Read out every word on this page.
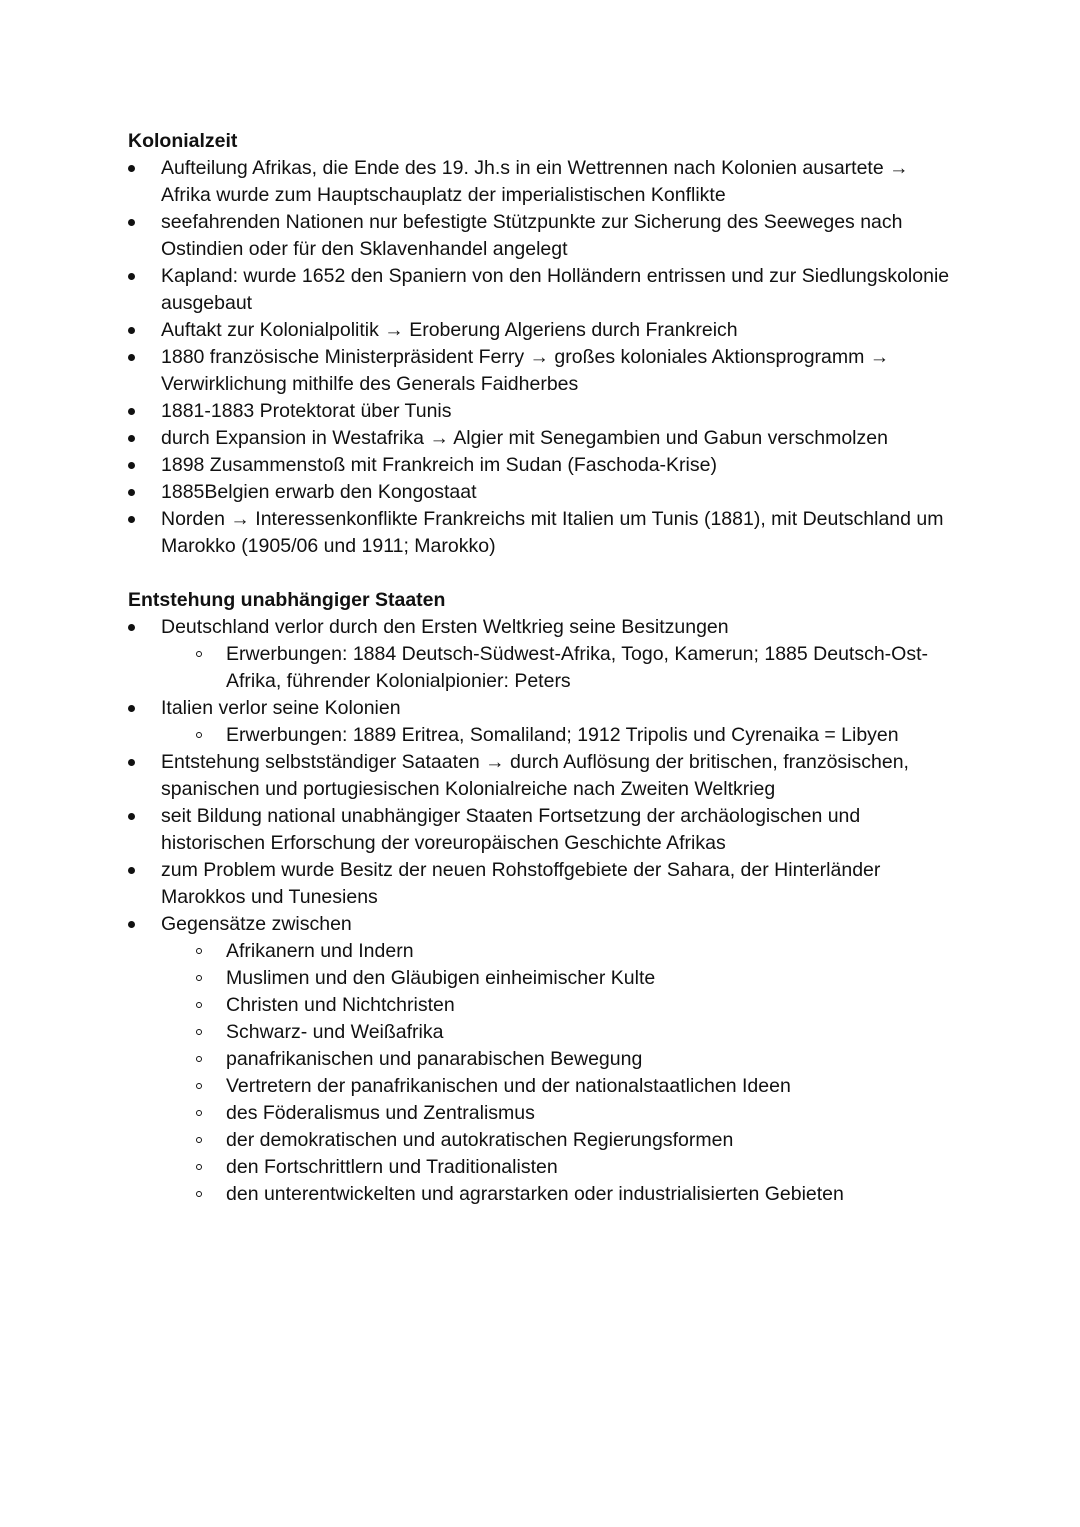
Kolonialzeit
Aufteilung Afrikas, die Ende des 19. Jh.s in ein Wettrennen nach Kolonien ausartete → Afrika wurde zum Hauptschauplatz der imperialistischen Konflikte
seefahrenden Nationen nur befestigte Stützpunkte zur Sicherung des Seeweges nach Ostindien oder für den Sklavenhandel angelegt
Kapland: wurde 1652 den Spaniern von den Holländern entrissen und zur Siedlungskolonie ausgebaut
Auftakt zur Kolonialpolitik → Eroberung Algeriens durch Frankreich
1880 französische Ministerpräsident Ferry → großes koloniales Aktionsprogramm → Verwirklichung mithilfe des Generals Faidherbes
1881-1883 Protektorat über Tunis
durch Expansion in Westafrika → Algier mit Senegambien und Gabun verschmolzen
1898 Zusammenstoß mit Frankreich im Sudan (Faschoda-Krise)
1885Belgien erwarb den Kongostaat
Norden → Interessenkonflikte Frankreichs mit Italien um Tunis (1881), mit Deutschland um Marokko (1905/06 und 1911; Marokko)
Entstehung unabhängiger Staaten
Deutschland verlor durch den Ersten Weltkrieg seine Besitzungen
Erwerbungen: 1884 Deutsch-Südwest-Afrika, Togo, Kamerun; 1885 Deutsch-Ost-Afrika, führender Kolonialpionier: Peters
Italien verlor seine Kolonien
Erwerbungen: 1889 Eritrea, Somaliland; 1912 Tripolis und Cyrenaika = Libyen
Entstehung selbstständiger Sataaten → durch Auflösung der britischen, französischen, spanischen und portugiesischen Kolonialreiche nach Zweiten Weltkrieg
seit Bildung national unabhängiger Staaten Fortsetzung der archäologischen und historischen Erforschung der voreuropäischen Geschichte Afrikas
zum Problem wurde Besitz der neuen Rohstoffgebiete der Sahara, der Hinterländer Marokkos und Tunesiens
Gegensätze zwischen
Afrikanern und Indern
Muslimen und den Gläubigen einheimischer Kulte
Christen und Nichtchristen
Schwarz- und Weißafrika
panafrikanischen und panarabischen Bewegung
Vertretern der panafrikanischen und der nationalstaatlichen Ideen
des Föderalismus und Zentralismus
der demokratischen und autokratischen Regierungsformen
den Fortschrittlern und Traditionalisten
den unterentwickelten und agrarstarken oder industrialisierten Gebieten
